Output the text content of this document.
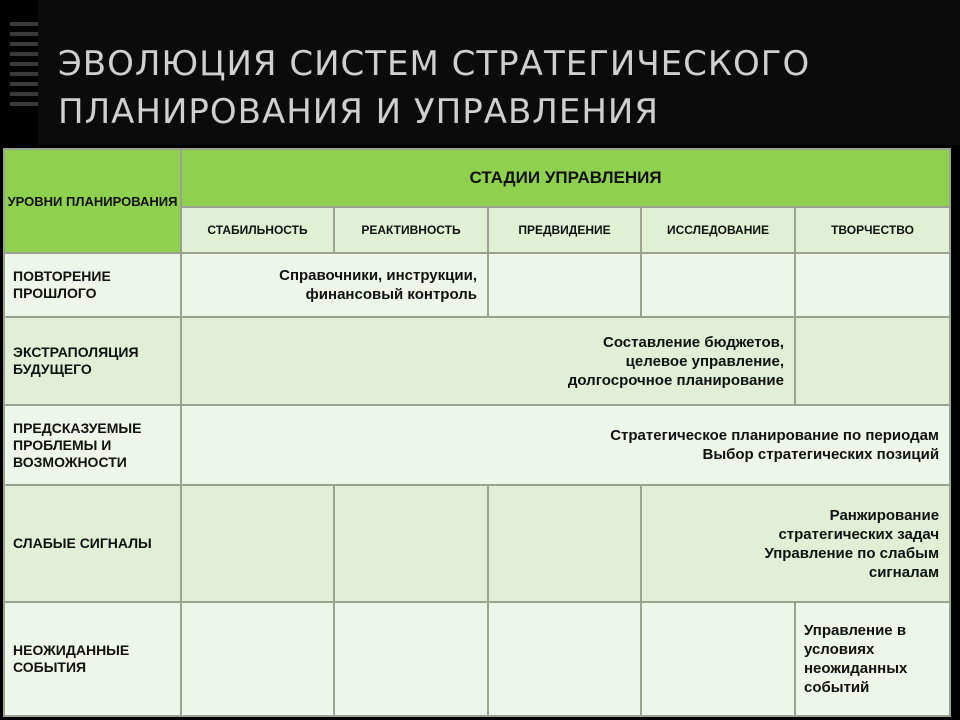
ЭВОЛЮЦИЯ СИСТЕМ СТРАТЕГИЧЕСКОГО
ПЛАНИРОВАНИЯ И УПРАВЛЕНИЯ
УРОВНИ ПЛАНИРОВАНИЯ	СТАДИИ УПРАВЛЕНИЯ				
	СТАБИЛЬНОСТЬ	РЕАКТИВНОСТЬ	ПРЕДВИДЕНИЕ	ИССЛЕДОВАНИЕ	ТВОРЧЕСТВО
ПОВТОРЕНИЕ ПРОШЛОГО	Справочники, инструкции,
финансовый контроль				

ЭКСТРАПОЛЯЦИЯ БУДУЩЕГО	Составление бюджетов,
целевое управление,
долгосрочное планирование				

ПРЕДСКАЗУЕМЫЕ ПРОБЛЕМЫ И ВОЗМОЖНОСТИ	Стратегическое планирование по периодам
Выбор стратегических позиций				

СЛАБЫЕ СИГНАЛЫ				Ранжирование
стратегических задач
Управление по слабым
сигналам	

НЕОЖИДАННЫЕ СОБЫТИЯ					Управление в
условиях
неожиданных
событий
